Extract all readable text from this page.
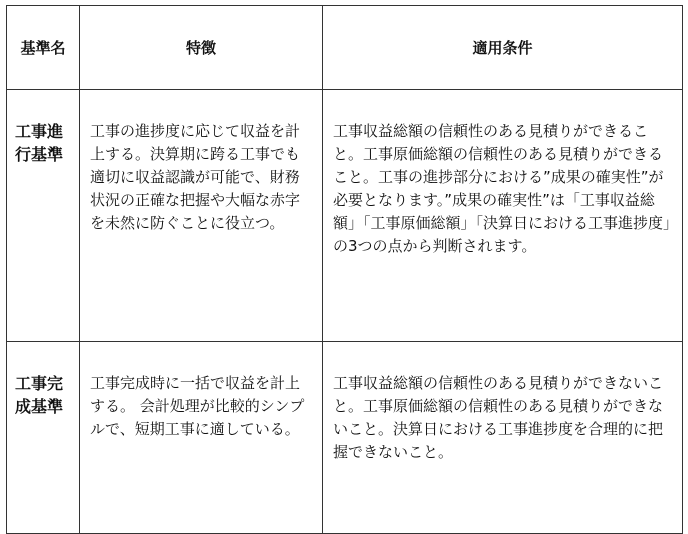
基準名	特徴	適用条件
工事進行基準	工事の進捗度に応じて収益を計上する。決算期に跨る工事でも適切に収益認識が可能で、財務状況の正確な把握や大幅な赤字を未然に防ぐことに役立つ。	工事収益総額の信頼性のある見積りができること。工事原価総額の信頼性のある見積りができること。工事の進捗部分における”成果の確実性”が必要となります。”成果の確実性”は「工事収益総額」「工事原価総額」「決算日における工事進捗度」の3つの点から判断されます。
工事完成基準	工事完成時に一括で収益を計上する。 会計処理が比較的シンプルで、短期工事に適している。	工事収益総額の信頼性のある見積りができないこと。工事原価総額の信頼性のある見積りができないこと。決算日における工事進捗度を合理的に把握できないこと。
